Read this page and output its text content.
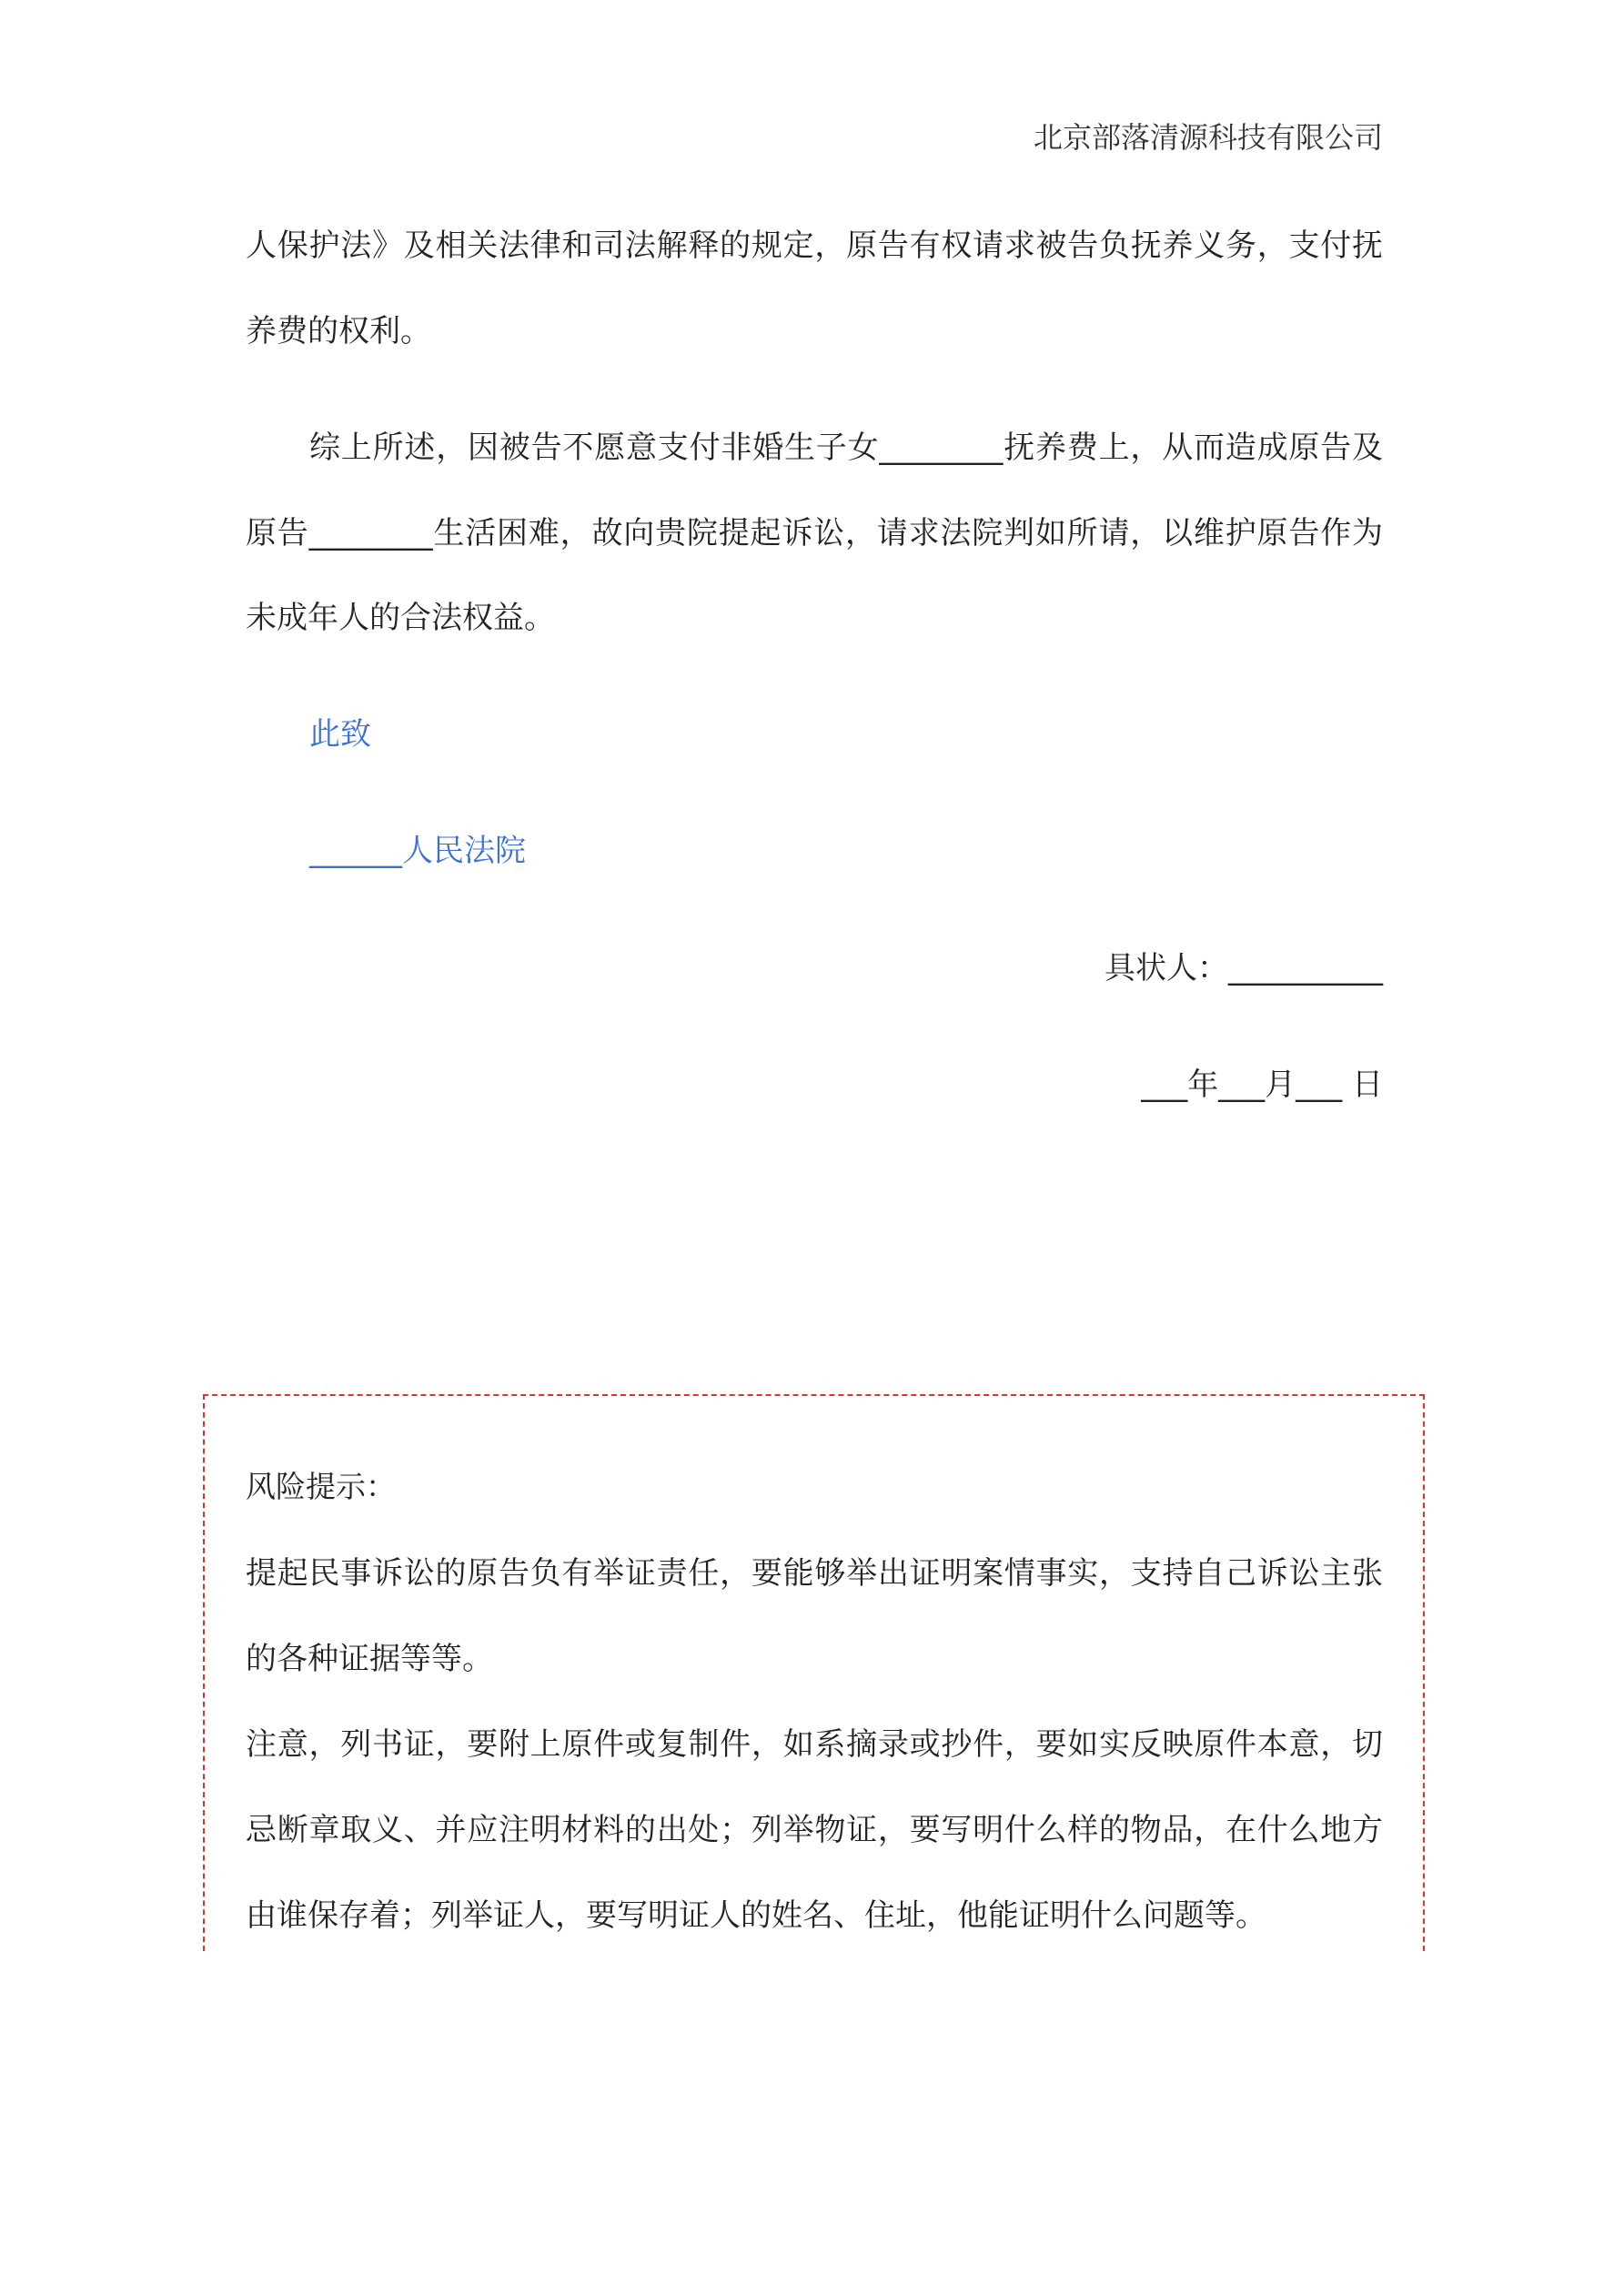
北京部落清源科技有限公司
人保护法》及相关法律和司法解释的规定，原告有权请求被告负抚养义务，支付抚
养费的权利。
综上所述，因被告不愿意支付非婚生子女________抚养费上，从而造成原告及
原告________生活困难，故向贵院提起诉讼，请求法院判如所请，以维护原告作为
未成年人的合法权益。
此致
______人民法院
具状人：__________
___年___月___ 日
风险提示：
提起民事诉讼的原告负有举证责任，要能够举出证明案情事实，支持自己诉讼主张
的各种证据等等。
注意，列书证，要附上原件或复制件，如系摘录或抄件，要如实反映原件本意，切
忌断章取义、并应注明材料的出处；列举物证，要写明什么样的物品，在什么地方
由谁保存着；列举证人，要写明证人的姓名、住址，他能证明什么问题等。
